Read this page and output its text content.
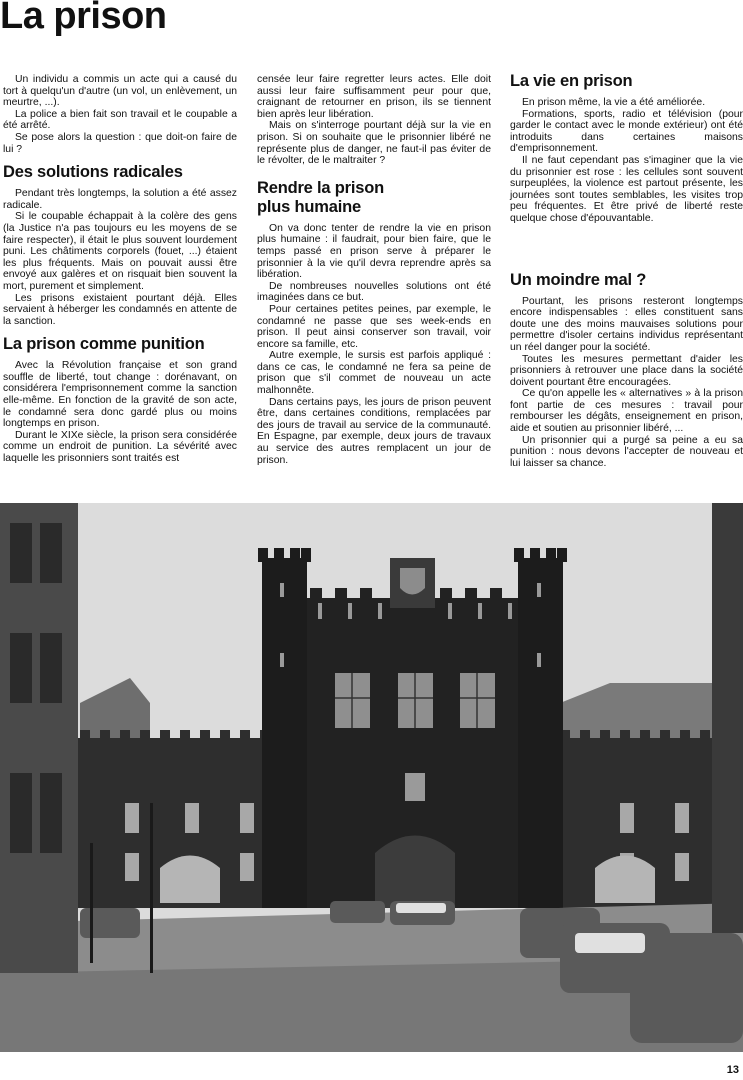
La prison

Un individu a commis un acte qui a causé du tort à quelqu'un d'autre (un vol, un enlèvement, un meurtre, ...).

La police a bien fait son travail et le coupable a été arrêté.

Se pose alors la question : que doit-on faire de lui ?

Des solutions radicales

Pendant très longtemps, la solution a été assez radicale.

Si le coupable échappait à la colère des gens (la Justice n'a pas toujours eu les moyens de se faire respecter), il était le plus souvent lourdement puni. Les châtiments corporels (fouet, ...) étaient les plus fréquents. Mais on pouvait aussi être envoyé aux galères et on risquait bien souvent la mort, purement et simplement.

Les prisons existaient pourtant déjà. Elles servaient à héberger les condamnés en attente de la sanction.

La prison comme punition

Avec la Révolution française et son grand souffle de liberté, tout change : dorénavant, on considérera l'emprisonnement comme la sanction elle-même. En fonction de la gravité de son acte, le condamné sera donc gardé plus ou moins longtemps en prison.

Durant le XIXe siècle, la prison sera considérée comme un endroit de punition. La sévérité avec laquelle les prisonniers sont traités est

censée leur faire regretter leurs actes. Elle doit aussi leur faire suffisamment peur pour que, craignant de retourner en prison, ils se tiennent bien après leur libération.

Mais on s'interroge pourtant déjà sur la vie en prison. Si on souhaite que le prisonnier libéré ne représente plus de danger, ne faut-il pas éviter de le révolter, de le maltraiter ?

Rendre la prison
plus humaine

On va donc tenter de rendre la vie en prison plus humaine : il faudrait, pour bien faire, que le temps passé en prison serve à préparer le prisonnier à la vie qu'il devra reprendre après sa libération.

De nombreuses nouvelles solutions ont été imaginées dans ce but.

Pour certaines petites peines, par exemple, le condamné ne passe que ses week-ends en prison. Il peut ainsi conserver son travail, voir encore sa famille, etc.

Autre exemple, le sursis est parfois appliqué : dans ce cas, le condamné ne fera sa peine de prison que s'il commet de nouveau un acte malhonnête.

Dans certains pays, les jours de prison peuvent être, dans certaines conditions, remplacées par des jours de travail au service de la communauté. En Espagne, par exemple, deux jours de travaux au service des autres remplacent un jour de prison.

La vie en prison

En prison même, la vie a été améliorée.

Formations, sports, radio et télévision (pour garder le contact avec le monde extérieur) ont été introduits dans certaines maisons d'emprisonnement.

Il ne faut cependant pas s'imaginer que la vie du prisonnier est rose : les cellules sont souvent surpeuplées, la violence est partout présente, les journées sont toutes semblables, les visites trop peu fréquentes. Et être privé de liberté reste quelque chose d'épouvantable.

Un moindre mal ?

Pourtant, les prisons resteront longtemps encore indispensables : elles constituent sans doute une des moins mauvaises solutions pour permettre d'isoler certains individus représentant un réel danger pour la société.

Toutes les mesures permettant d'aider les prisonniers à retrouver une place dans la société doivent pourtant être encouragées.

Ce qu'on appelle les « alternatives » à la prison font partie de ces mesures : travail pour rembourser les dégâts, enseignement en prison, aide et soutien au prisonnier libéré, ...

Un prisonnier qui a purgé sa peine a eu sa punition : nous devons l'accepter de nouveau et lui laisser sa chance.

13
